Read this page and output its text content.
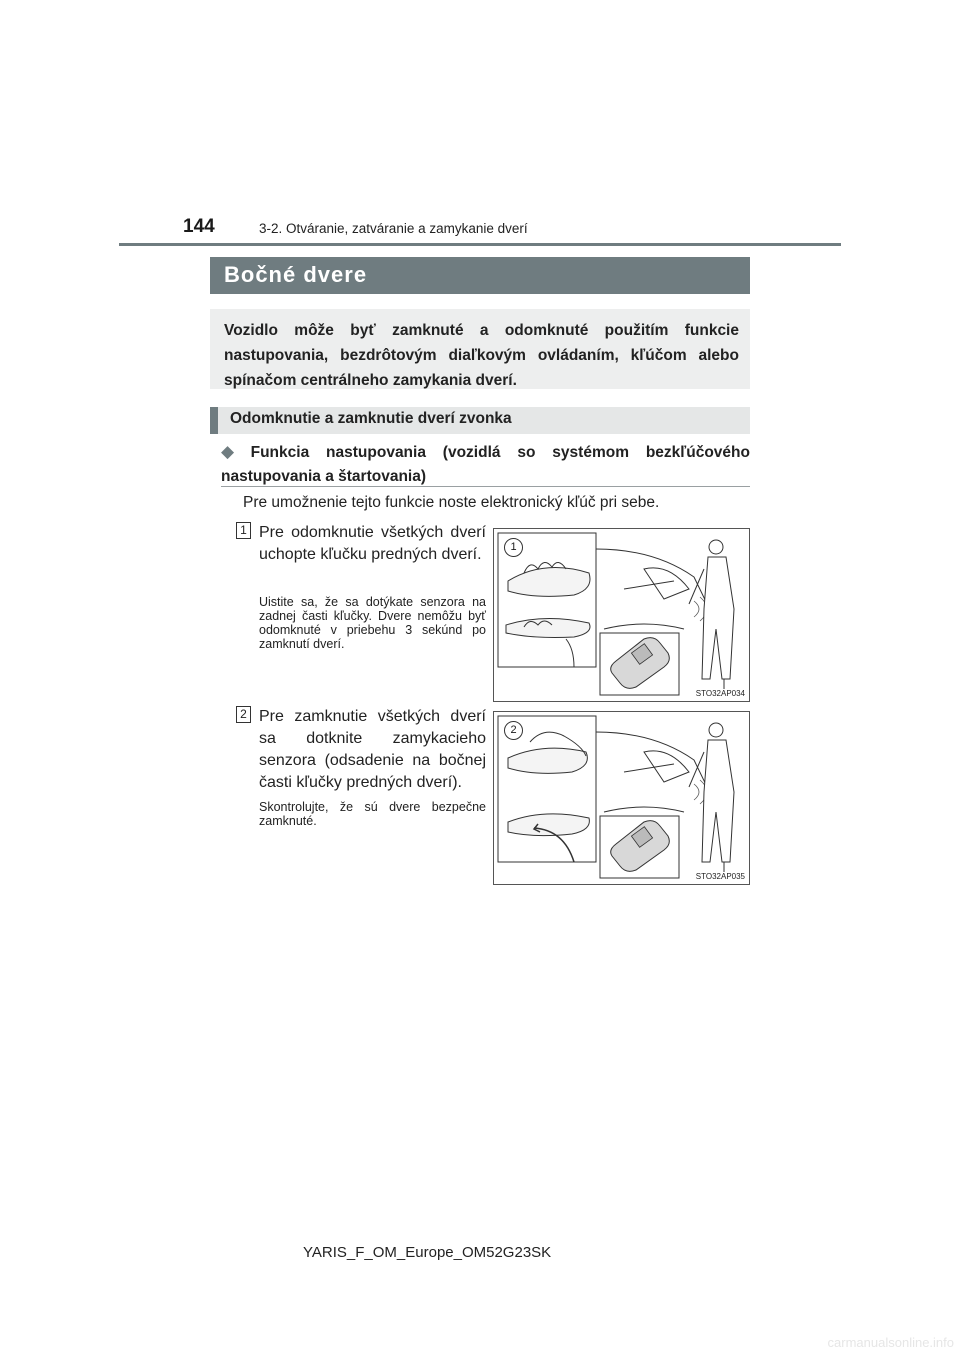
144	3-2. Otváranie, zatváranie a zamykanie dverí
Bočné dvere
Vozidlo môže byť zamknuté a odomknuté použitím funkcie nastupovania, bezdrôtovým diaľkovým ovládaním, kľúčom alebo spínačom centrálneho zamykania dverí.
Odomknutie a zamknutie dverí zvonka
◆ Funkcia nastupovania (vozidlá so systémom bezkľúčového nastupovania a štartovania)
Pre umožnenie tejto funkcie noste elektronický kľúč pri sebe.
1 Pre odomknutie všetkých dverí uchopte kľučku predných dverí.
Uistite sa, že sa dotýkate senzora na zadnej časti kľučky. Dvere nemôžu byť odomknuté v priebehu 3 sekúnd po zamknutí dverí.
1
STO32AP034
2 Pre zamknutie všetkých dverí sa dotknite zamykacieho senzora (odsadenie na bočnej časti kľučky predných dverí).
Skontrolujte, že sú dvere bezpečne zamknuté.
2
STO32AP035
YARIS_F_OM_Europe_OM52G23SK
carmanualsonline.info
